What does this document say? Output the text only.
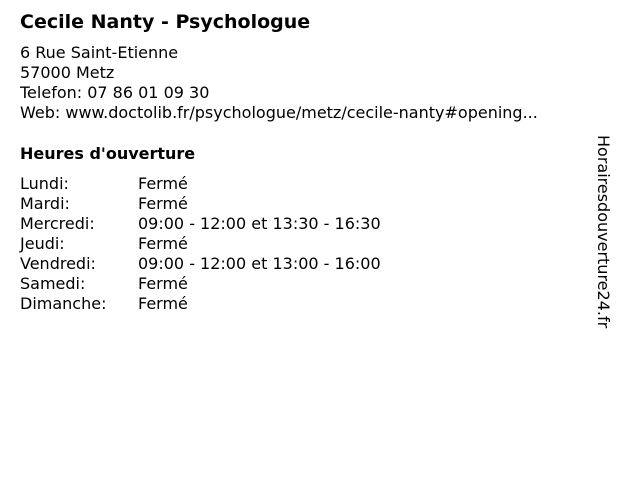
Cecile Nanty - Psychologue
6 Rue Saint-Etienne
57000 Metz
Telefon: 07 86 01 09 30
Web: www.doctolib.fr/psychologue/metz/cecile-nanty#opening...
Heures d'ouverture
Lundi:	Fermé
Mardi:	Fermé
Mercredi:	09:00 - 12:00 et 13:30 - 16:30
Jeudi:	Fermé
Vendredi:	09:00 - 12:00 et 13:00 - 16:00
Samedi:	Fermé
Dimanche:	Fermé	Horairesdouverture24.fr
